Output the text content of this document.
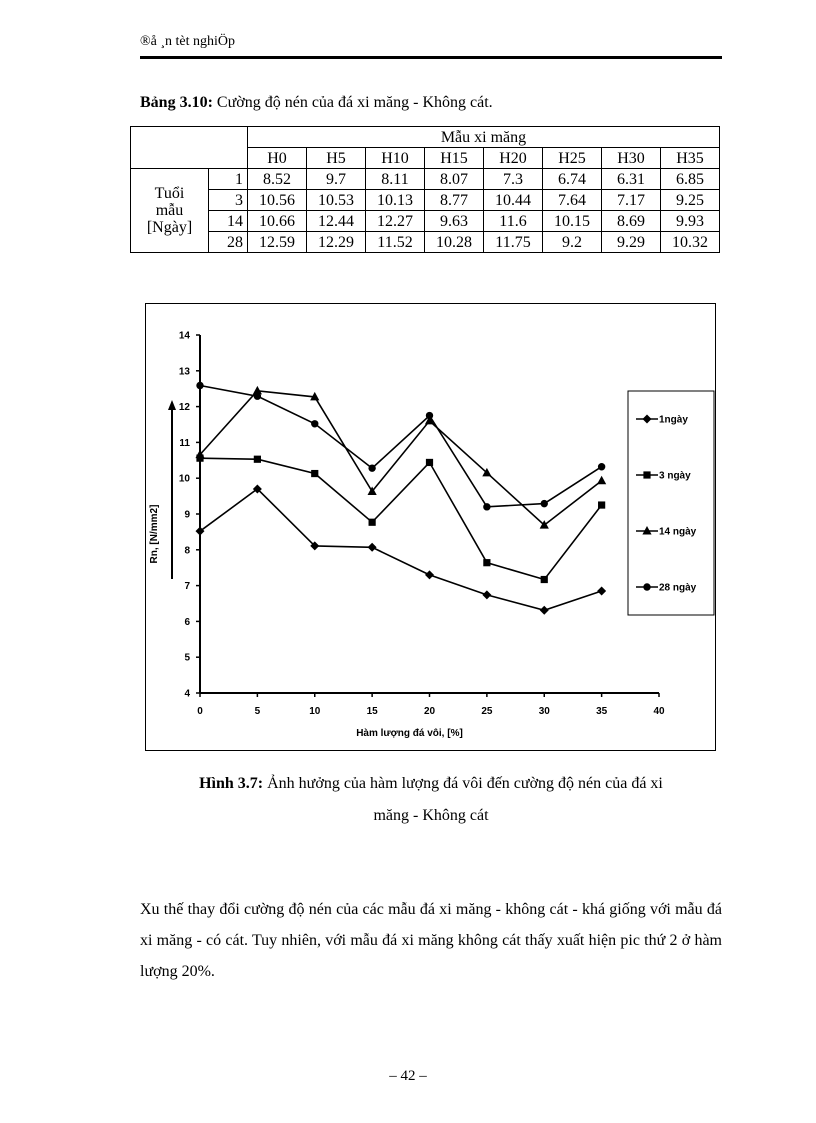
®å ¸n tèt nghiÖp
Bảng 3.10: Cường độ nén của đá xi măng - Không cát.
		Mẫu xi măng							
		H0	H5	H10	H15	H20	H25	H30	H35
Tuổi
mẫu
[Ngày]	1	8.52	9.7	8.11	8.07	7.3	6.74	6.31	6.85
	3	10.56	10.53	10.13	8.77	10.44	7.64	7.17	9.25
	14	10.66	12.44	12.27	9.63	11.6	10.15	8.69	9.93
	28	12.59	12.29	11.52	10.28	11.75	9.2	9.29	10.32
4
5
6
7
8
9
10
11
12
13
14
0	5	10	15	20	25	30	35	40
Hàm lượng đá vôi, [%]
Rn, [N/mm2]
1ngày
3 ngày
14 ngày
28 ngày
Hình 3.7: Ảnh hưởng của hàm lượng đá vôi đến cường độ nén của đá xi
măng - Không cát
Xu thế thay đổi cường độ nén của các mẫu đá xi măng - không cát - khá giống với mẫu đá xi măng - có cát. Tuy nhiên, với mẫu đá xi măng không cát thấy xuất hiện pic thứ 2 ở hàm lượng 20%.
– 42 –
